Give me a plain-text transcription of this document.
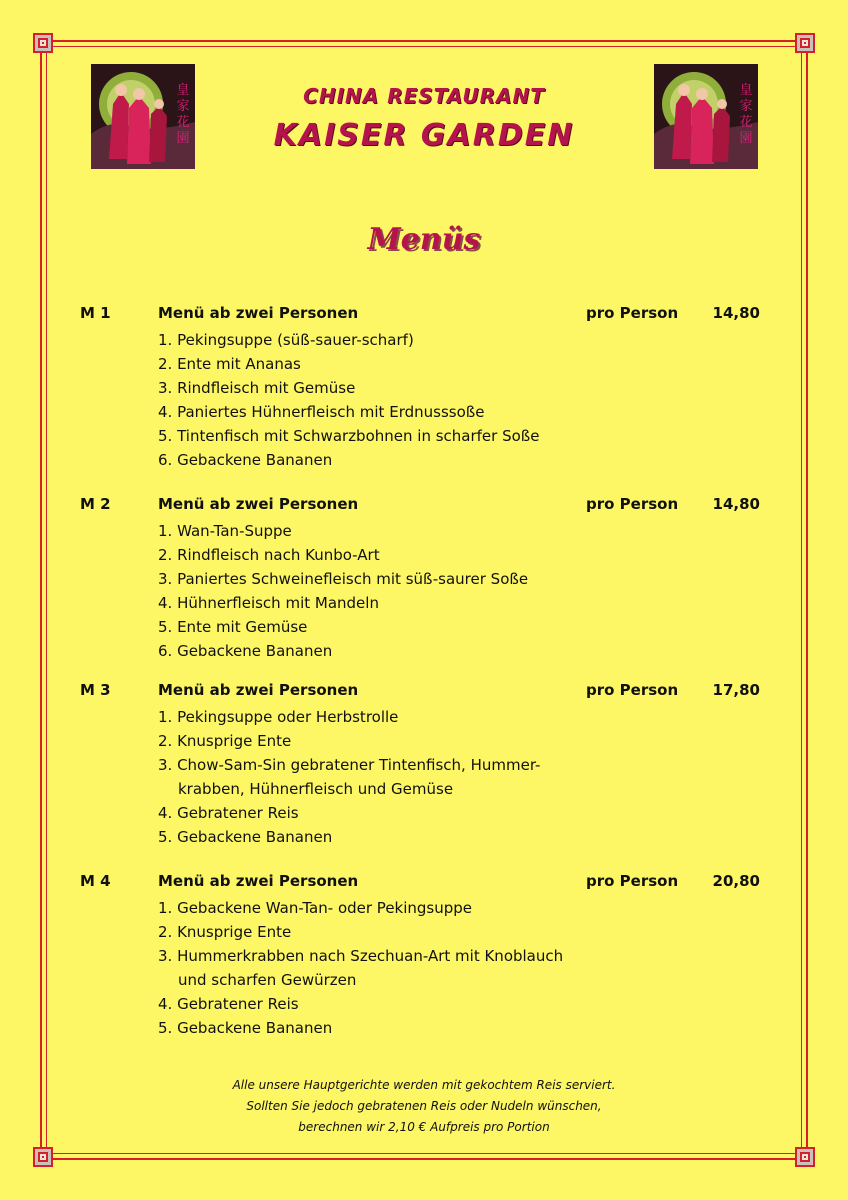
皇
家
花
園
皇
家
花
園
CHINA RESTAURANT
KAISER GARDEN
Menüs
M 1	Menü ab zwei Personen	pro Person	14,80
1. Pekingsuppe (süß-sauer-scharf)
2. Ente mit Ananas
3. Rindfleisch mit Gemüse
4. Paniertes Hühnerfleisch mit Erdnusssoße
5. Tintenfisch mit Schwarzbohnen in scharfer Soße
6. Gebackene Bananen
M 2	Menü ab zwei Personen	pro Person	14,80
1. Wan-Tan-Suppe
2. Rindfleisch nach Kunbo-Art
3. Paniertes Schweinefleisch mit süß-saurer Soße
4. Hühnerfleisch mit Mandeln
5. Ente mit Gemüse
6. Gebackene Bananen
M 3	Menü ab zwei Personen	pro Person	17,80
1. Pekingsuppe oder Herbstrolle
2. Knusprige Ente
3. Chow-Sam-Sin gebratener Tintenfisch, Hummer-
krabben, Hühnerfleisch und Gemüse
4. Gebratener Reis
5. Gebackene Bananen
M 4	Menü ab zwei Personen	pro Person	20,80
1. Gebackene Wan-Tan- oder Pekingsuppe
2. Knusprige Ente
3. Hummerkrabben nach Szechuan-Art mit Knoblauch
und scharfen Gewürzen
4. Gebratener Reis
5. Gebackene Bananen
Alle unsere Hauptgerichte werden mit gekochtem Reis serviert.
Sollten Sie jedoch gebratenen Reis oder Nudeln wünschen,
berechnen wir 2,10 € Aufpreis pro Portion
